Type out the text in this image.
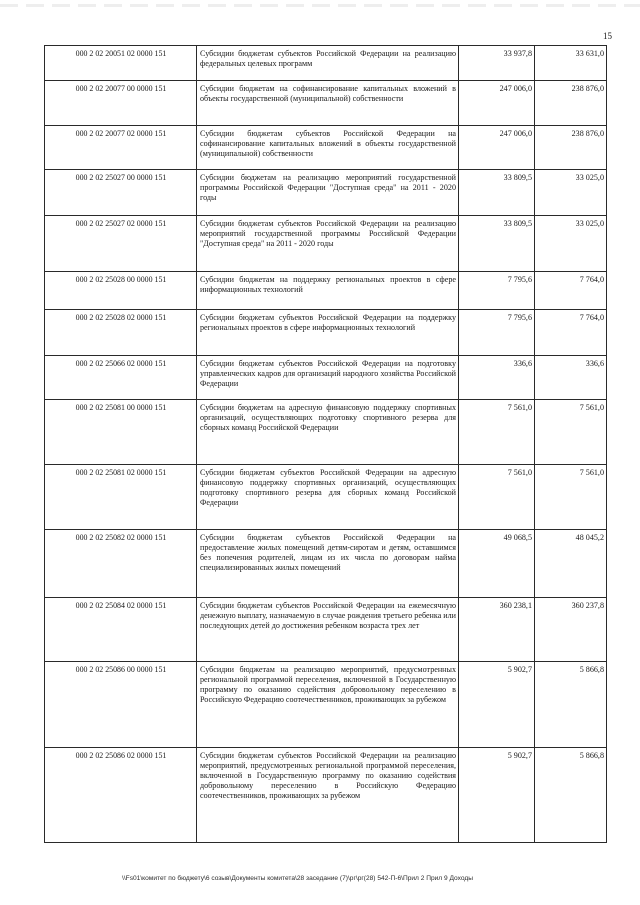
15
000 2 02 20051 02 0000 151	Субсидии бюджетам субъектов Российской Федерации на реализацию федеральных целевых программ	33 937,8	33 631,0
000 2 02 20077 00 0000 151	Субсидии бюджетам на софинансирование капитальных вложений в объекты государственной (муниципальной) собственности	247 006,0	238 876,0
000 2 02 20077 02 0000 151	Субсидии бюджетам субъектов Российской Федерации на софинансирование капитальных вложений в объекты государственной (муниципальной) собственности	247 006,0	238 876,0
000 2 02 25027 00 0000 151	Субсидии бюджетам на реализацию мероприятий государственной программы Российской Федерации "Доступная среда" на 2011 - 2020 годы	33 809,5	33 025,0
000 2 02 25027 02 0000 151	Субсидии бюджетам субъектов Российской Федерации на реализацию мероприятий государственной программы Российской Федерации "Доступная среда" на 2011 - 2020 годы	33 809,5	33 025,0
000 2 02 25028 00 0000 151	Субсидии бюджетам на поддержку региональных проектов в сфере информационных технологий	7 795,6	7 764,0
000 2 02 25028 02 0000 151	Субсидии бюджетам субъектов Российской Федерации на поддержку региональных проектов в сфере информационных технологий	7 795,6	7 764,0
000 2 02 25066 02 0000 151	Субсидии бюджетам субъектов Российской Федерации на подготовку управленческих кадров для организаций народного хозяйства Российской Федерации	336,6	336,6
000 2 02 25081 00 0000 151	Субсидии бюджетам на адресную финансовую поддержку спортивных организаций, осуществляющих подготовку спортивного резерва для сборных команд Российской Федерации	7 561,0	7 561,0
000 2 02 25081 02 0000 151	Субсидии бюджетам субъектов Российской Федерации на адресную финансовую поддержку спортивных организаций, осуществляющих подготовку спортивного резерва для сборных команд Российской Федерации	7 561,0	7 561,0
000 2 02 25082 02 0000 151	Субсидии бюджетам субъектов Российской Федерации на предоставление жилых помещений детям-сиротам и детям, оставшимся без попечения родителей, лицам из их числа по договорам найма специализированных жилых помещений	49 068,5	48 045,2
000 2 02 25084 02 0000 151	Субсидии бюджетам субъектов Российской Федерации на ежемесячную денежную выплату, назначаемую в случае рождения третьего ребенка или последующих детей до достижения ребенком возраста трех лет	360 238,1	360 237,8
000 2 02 25086 00 0000 151	Субсидии бюджетам на реализацию мероприятий, предусмотренных региональной программой переселения, включенной в Государственную программу по оказанию содействия добровольному переселению в Российскую Федерацию соотечественников, проживающих за рубежом	5 902,7	5 866,8
000 2 02 25086 02 0000 151	Субсидии бюджетам субъектов Российской Федерации на реализацию мероприятий, предусмотренных региональной программой переселения, включенной в Государственную программу по оказанию содействия добровольному переселению в Российскую Федерацию соотечественников, проживающих за рубежом	5 902,7	5 866,8
\\Fs01\комитет по бюджету\6 созыв\Документы комитета\28 заседание (7)\рг\рг(28) 542-П-6\Прил 2 Прил 9 Доходы
